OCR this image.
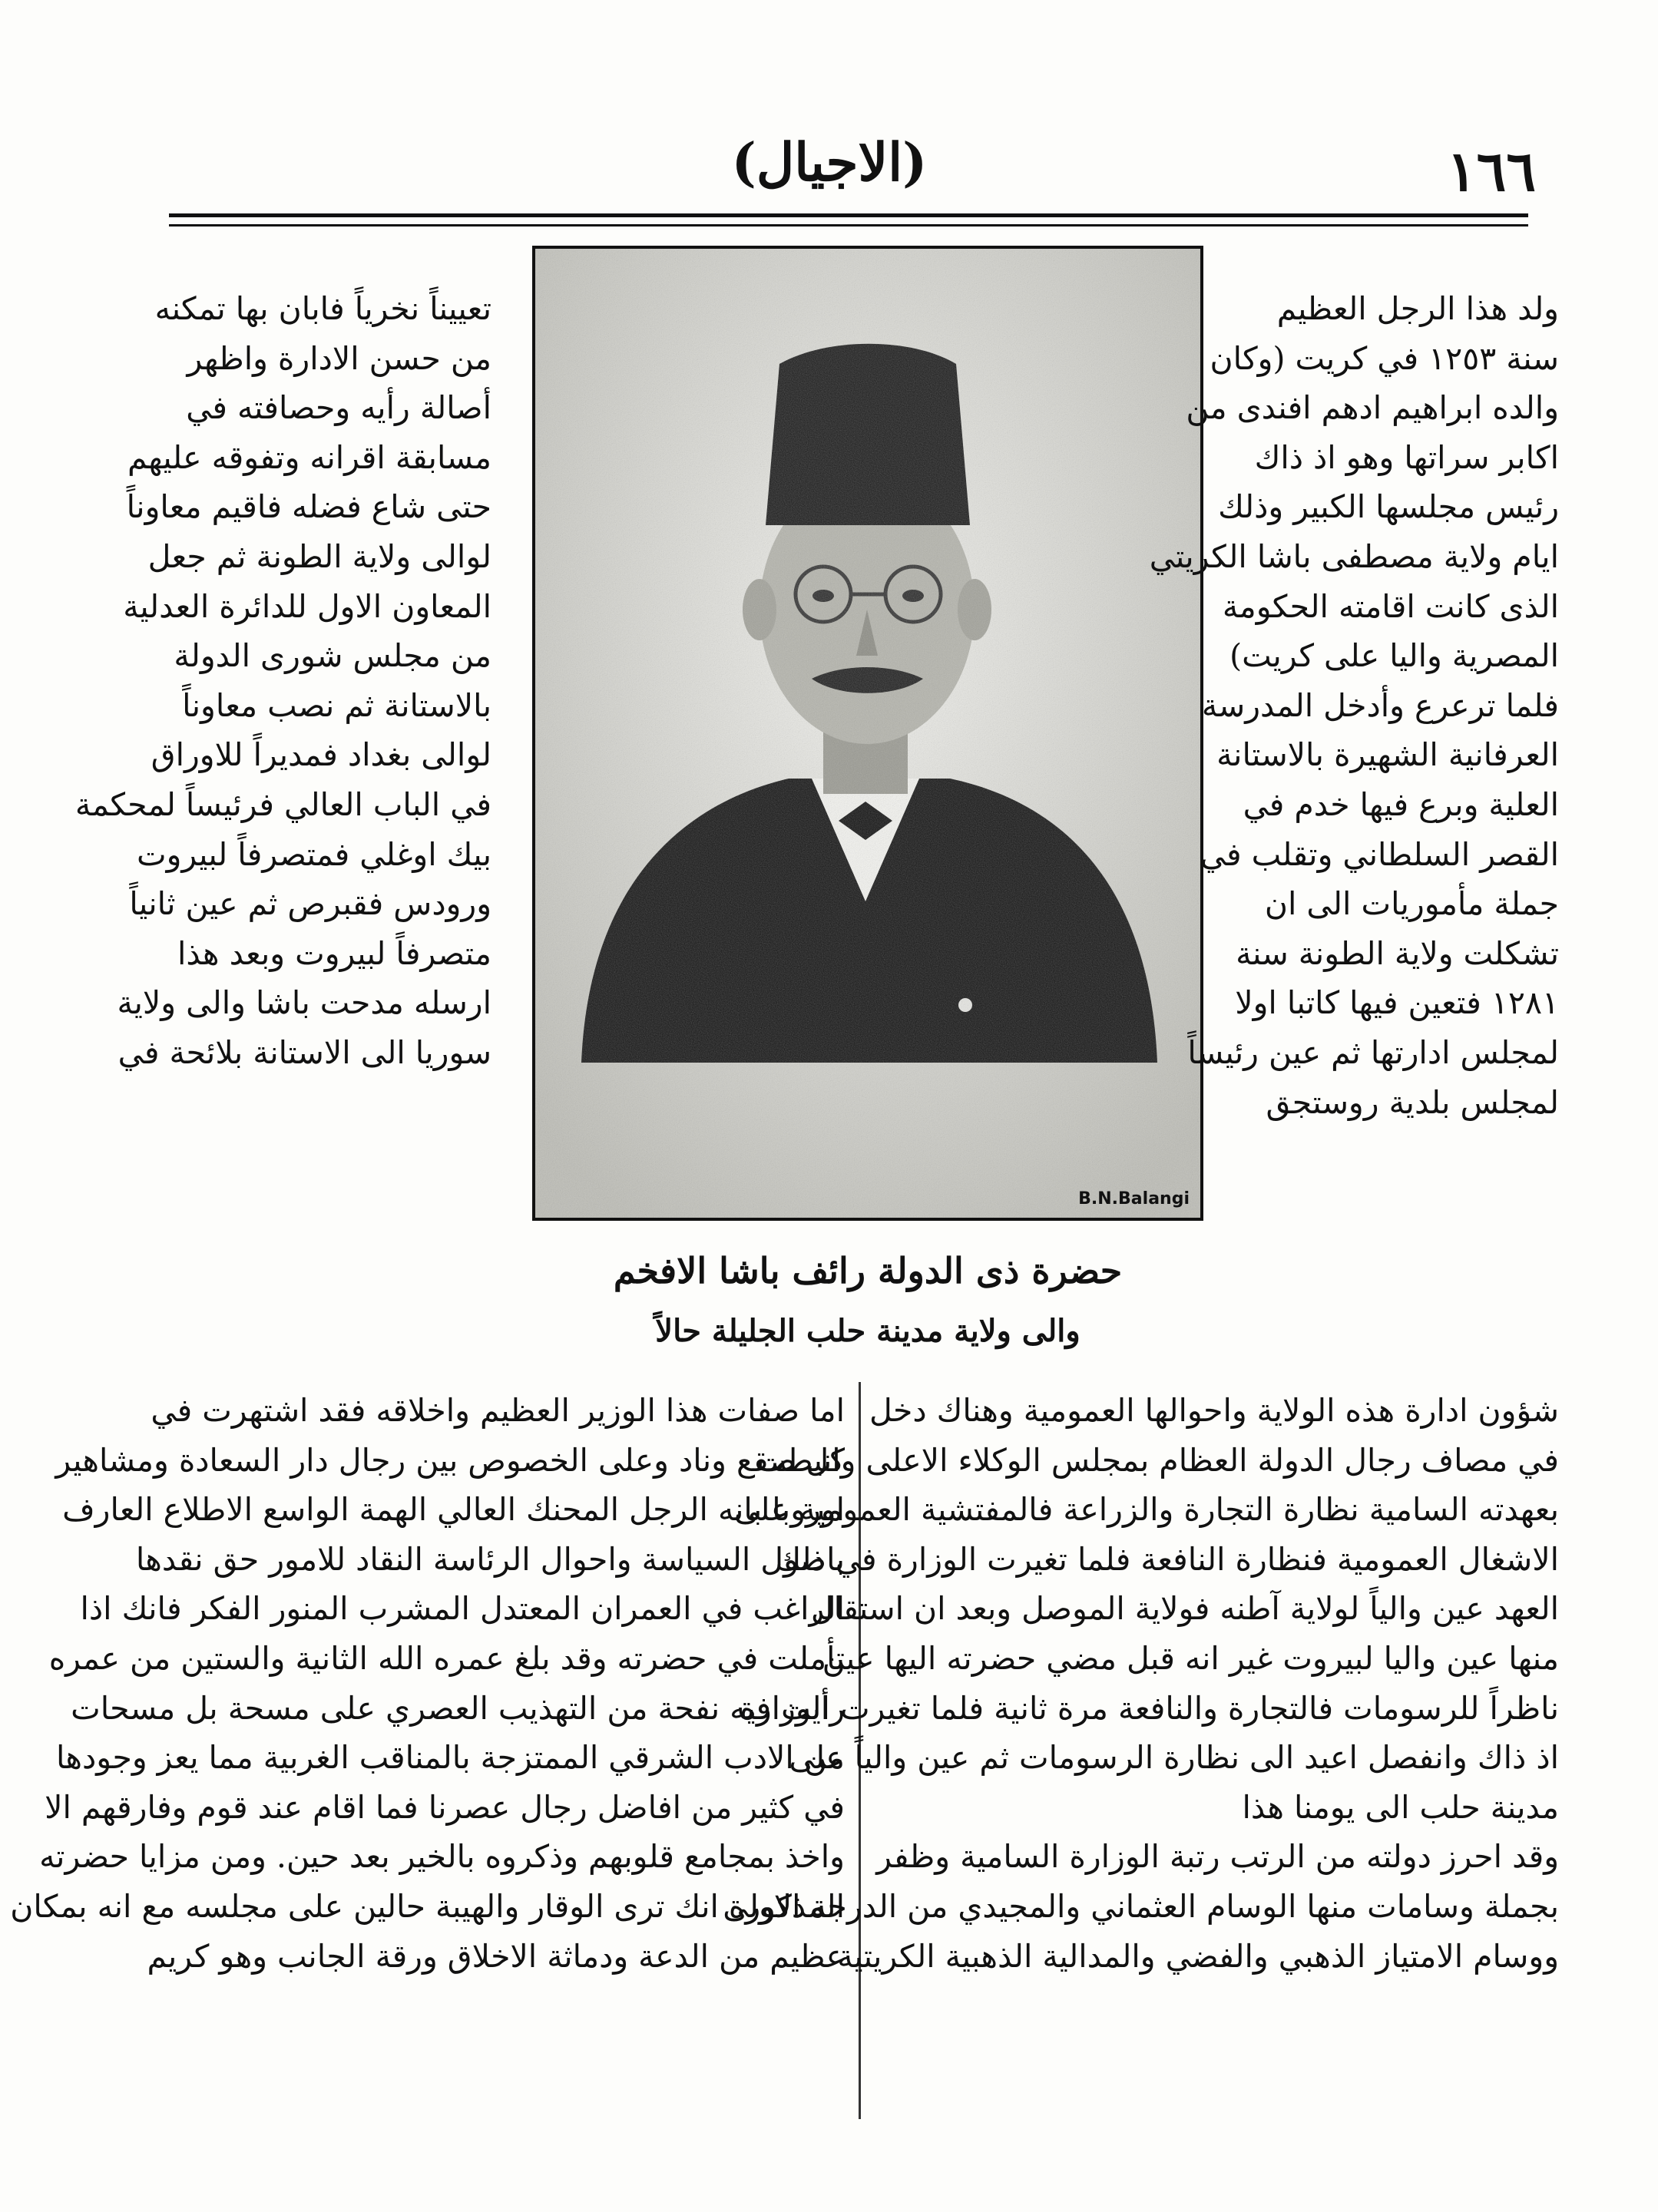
١٦٦
(الاجيال)
B.N.Balangi
حضرة ذى الدولة رائف باشا الافخم
والى ولاية مدينة حلب الجليلة حالاً
ولد هذا الرجل العظيم
سنة ١٢٥٣ في كريت (وكان
والده ابراهيم ادهم افندى من
اكابر سراتها وهو اذ ذاك
رئيس مجلسها الكبير وذلك
ايام ولاية مصطفى باشا الكريتي
الذى كانت اقامته الحكومة
المصرية واليا على كريت)
فلما ترعرع وأدخل المدرسة
العرفانية الشهيرة بالاستانة
العلية وبرع فيها خدم في
القصر السلطاني وتقلب في
جملة مأموريات الى ان
تشكلت ولاية الطونة سنة
١٢٨١ فتعين فيها كاتبا اولا
لمجلس ادارتها ثم عين رئيساً
لمجلس بلدية روستجق
تعييناً نخرياً فابان بها تمكنه
من حسن الادارة واظهر
أصالة رأيه وحصافته في
مسابقة اقرانه وتفوقه عليهم
حتى شاع فضله فاقيم معاوناً
لوالى ولاية الطونة ثم جعل
المعاون الاول للدائرة العدلية
من مجلس شورى الدولة
بالاستانة ثم نصب معاوناً
لوالى بغداد فمديراً للاوراق
في الباب العالي فرئيساً لمحكمة
بيك اوغلي فمتصرفاً لبيروت
ورودس فقبرص ثم عين ثانياً
متصرفاً لبيروت وبعد هذا
ارسله مدحت باشا والى ولاية
سوريا الى الاستانة بلائحة في
شؤون ادارة هذه الولاية واحوالها العمومية وهناك دخل
في مصاف رجال الدولة العظام بمجلس الوكلاء الاعلى وانيطت
بعهدته السامية نظارة التجارة والزراعة فالمفتشية العمومية على
الاشغال العمومية فنظارة النافعة فلما تغيرت الوزارة في ذلك
العهد عين والياً لولاية آطنه فولاية الموصل وبعد ان استقال
منها عين واليا لبيروت غير انه قبل مضي حضرته اليها عين
ناظراً للرسومات فالتجارة والنافعة مرة ثانية فلما تغيرت الوزارة
اذ ذاك وانفصل اعيد الى نظارة الرسومات ثم عين والياً على
مدينة حلب الى يومنا هذا
وقد احرز دولته من الرتب رتبة الوزارة السامية وظفر
بجملة وسامات منها الوسام العثماني والمجيدي من الدرجة الاولى
ووسام الامتياز الذهبي والفضي والمدالية الذهبية الكريتية
اما صفات هذا الوزير العظيم واخلاقه فقد اشتهرت في
كل صقع وناد وعلى الخصوص بين رجال دار السعادة ومشاهير
اوروبا بانه الرجل المحنك العالي الهمة الواسع الاطلاع العارف
باصول السياسة واحوال الرئاسة النقاد للامور حق نقدها
الراغب في العمران المعتدل المشرب المنور الفكر فانك اذا
تأملت في حضرته وقد بلغ عمره الله الثانية والستين من عمره
رأيت فيه نفحة من التهذيب العصري على مسحة بل مسحات
من الادب الشرقي الممتزجة بالمناقب الغربية مما يعز وجودها
في كثير من افاضل رجال عصرنا فما اقام عند قوم وفارقهم الا
واخذ بمجامع قلوبهم وذكروه بالخير بعد حين. ومن مزايا حضرته
المذكورة انك ترى الوقار والهيبة حالين على مجلسه مع انه بمكان
عظيم من الدعة ودماثة الاخلاق ورقة الجانب وهو كريم
